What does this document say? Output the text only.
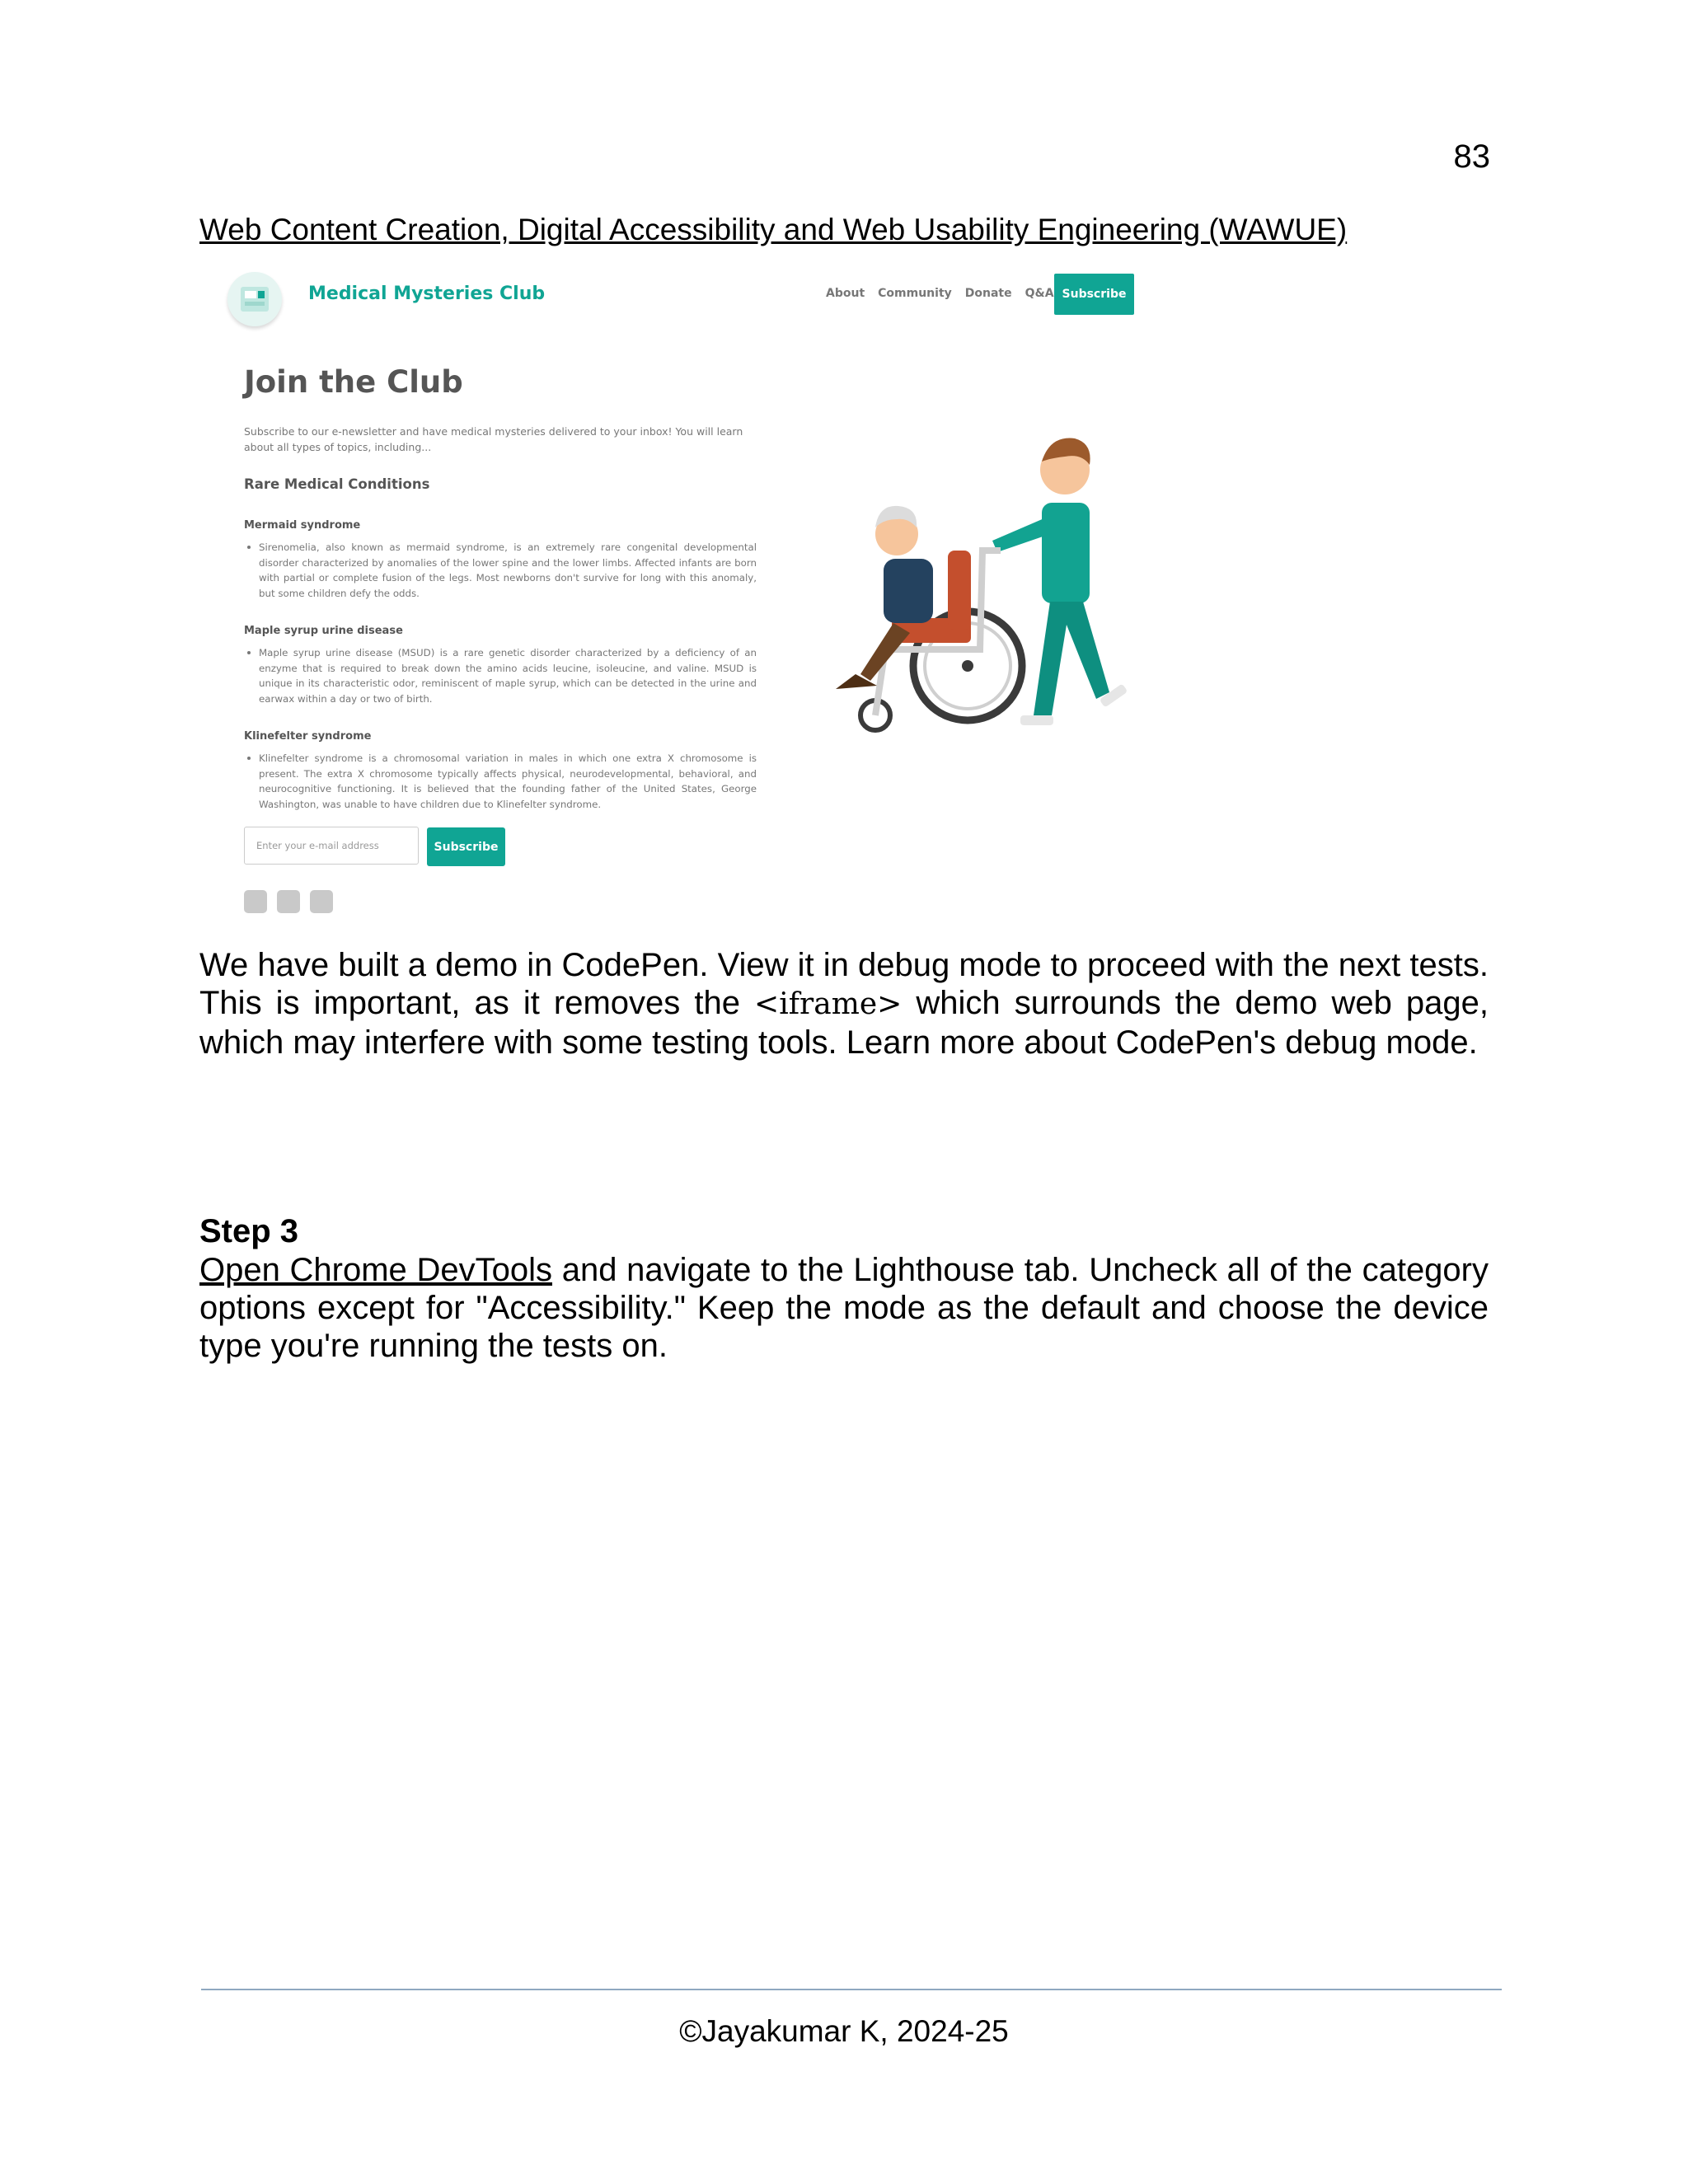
83
Web Content Creation, Digital Accessibility and Web Usability Engineering (WAWUE)
Medical Mysteries Club	About Community Donate Q&A Subscribe
Join the Club
Subscribe to our e-newsletter and have medical mysteries delivered to your inbox! You will learn about all types of topics, including...
Rare Medical Conditions
Mermaid syndrome
Sirenomelia, also known as mermaid syndrome, is an extremely rare congenital developmental disorder characterized by anomalies of the lower spine and the lower limbs. Affected infants are born with partial or complete fusion of the legs. Most newborns don't survive for long with this anomaly, but some children defy the odds.
Maple syrup urine disease
Maple syrup urine disease (MSUD) is a rare genetic disorder characterized by a deficiency of an enzyme that is required to break down the amino acids leucine, isoleucine, and valine. MSUD is unique in its characteristic odor, reminiscent of maple syrup, which can be detected in the urine and earwax within a day or two of birth.
Klinefelter syndrome
Klinefelter syndrome is a chromosomal variation in males in which one extra X chromosome is present. The extra X chromosome typically affects physical, neurodevelopmental, behavioral, and neurocognitive functioning. It is believed that the founding father of the United States, George Washington, was unable to have children due to Klinefelter syndrome.
Enter your e-mail address	Subscribe
We have built a demo in CodePen. View it in debug mode to proceed with the next tests. This is important, as it removes the <iframe> which surrounds the demo web page, which may interfere with some testing tools. Learn more about CodePen's debug mode.
Step 3
Open Chrome DevTools and navigate to the Lighthouse tab. Uncheck all of the category options except for "Accessibility." Keep the mode as the default and choose the device type you're running the tests on.
©Jayakumar K, 2024-25
